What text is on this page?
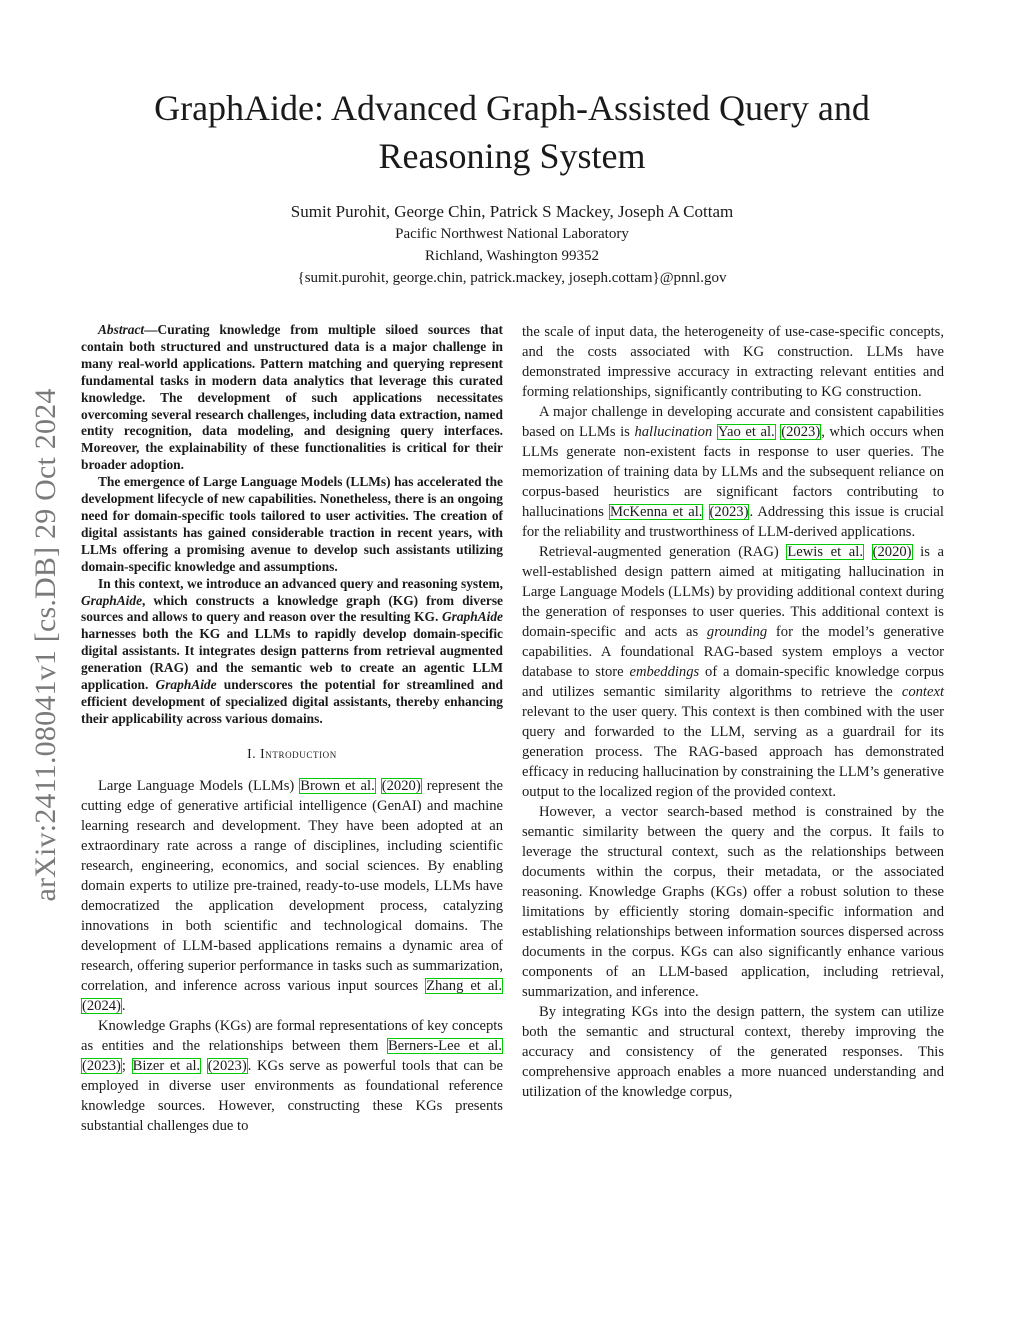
arXiv:2411.08041v1 [cs.DB] 29 Oct 2024
GraphAide: Advanced Graph-Assisted Query and Reasoning System
Sumit Purohit, George Chin, Patrick S Mackey, Joseph A Cottam
Pacific Northwest National Laboratory
Richland, Washington 99352
{sumit.purohit, george.chin, patrick.mackey, joseph.cottam}@pnnl.gov

Abstract—Curating knowledge from multiple siloed sources that contain both structured and unstructured data is a major challenge in many real-world applications. Pattern matching and querying represent fundamental tasks in modern data analytics that leverage this curated knowledge. The development of such applications necessitates overcoming several research challenges, including data extraction, named entity recognition, data modeling, and designing query interfaces. Moreover, the explainability of these functionalities is critical for their broader adoption.

The emergence of Large Language Models (LLMs) has accelerated the development lifecycle of new capabilities. Nonetheless, there is an ongoing need for domain-specific tools tailored to user activities. The creation of digital assistants has gained considerable traction in recent years, with LLMs offering a promising avenue to develop such assistants utilizing domain-specific knowledge and assumptions.

In this context, we introduce an advanced query and reasoning system, GraphAide, which constructs a knowledge graph (KG) from diverse sources and allows to query and reason over the resulting KG. GraphAide harnesses both the KG and LLMs to rapidly develop domain-specific digital assistants. It integrates design patterns from retrieval augmented generation (RAG) and the semantic web to create an agentic LLM application. GraphAide underscores the potential for streamlined and efficient development of specialized digital assistants, thereby enhancing their applicability across various domains.

I. Introduction

Large Language Models (LLMs) Brown et al. (2020) represent the cutting edge of generative artificial intelligence (GenAI) and machine learning research and development. They have been adopted at an extraordinary rate across a range of disciplines, including scientific research, engineering, economics, and social sciences. By enabling domain experts to utilize pre-trained, ready-to-use models, LLMs have democratized the application development process, catalyzing innovations in both scientific and technological domains. The development of LLM-based applications remains a dynamic area of research, offering superior performance in tasks such as summarization, correlation, and inference across various input sources Zhang et al. (2024).

Knowledge Graphs (KGs) are formal representations of key concepts as entities and the relationships between them Berners-Lee et al. (2023); Bizer et al. (2023). KGs serve as powerful tools that can be employed in diverse user environments as foundational reference knowledge sources. However, constructing these KGs presents substantial challenges due to

the scale of input data, the heterogeneity of use-case-specific concepts, and the costs associated with KG construction. LLMs have demonstrated impressive accuracy in extracting relevant entities and forming relationships, significantly contributing to KG construction.

A major challenge in developing accurate and consistent capabilities based on LLMs is hallucination Yao et al. (2023), which occurs when LLMs generate non-existent facts in response to user queries. The memorization of training data by LLMs and the subsequent reliance on corpus-based heuristics are significant factors contributing to hallucinations McKenna et al. (2023). Addressing this issue is crucial for the reliability and trustworthiness of LLM-derived applications.

Retrieval-augmented generation (RAG) Lewis et al. (2020) is a well-established design pattern aimed at mitigating hallucination in Large Language Models (LLMs) by providing additional context during the generation of responses to user queries. This additional context is domain-specific and acts as grounding for the model’s generative capabilities. A foundational RAG-based system employs a vector database to store embeddings of a domain-specific knowledge corpus and utilizes semantic similarity algorithms to retrieve the context relevant to the user query. This context is then combined with the user query and forwarded to the LLM, serving as a guardrail for its generation process. The RAG-based approach has demonstrated efficacy in reducing hallucination by constraining the LLM’s generative output to the localized region of the provided context.

However, a vector search-based method is constrained by the semantic similarity between the query and the corpus. It fails to leverage the structural context, such as the relationships between documents within the corpus, their metadata, or the associated reasoning. Knowledge Graphs (KGs) offer a robust solution to these limitations by efficiently storing domain-specific information and establishing relationships between information sources dispersed across documents in the corpus. KGs can also significantly enhance various components of an LLM-based application, including retrieval, summarization, and inference.

By integrating KGs into the design pattern, the system can utilize both the semantic and structural context, thereby improving the accuracy and consistency of the generated responses. This comprehensive approach enables a more nuanced understanding and utilization of the knowledge corpus,
